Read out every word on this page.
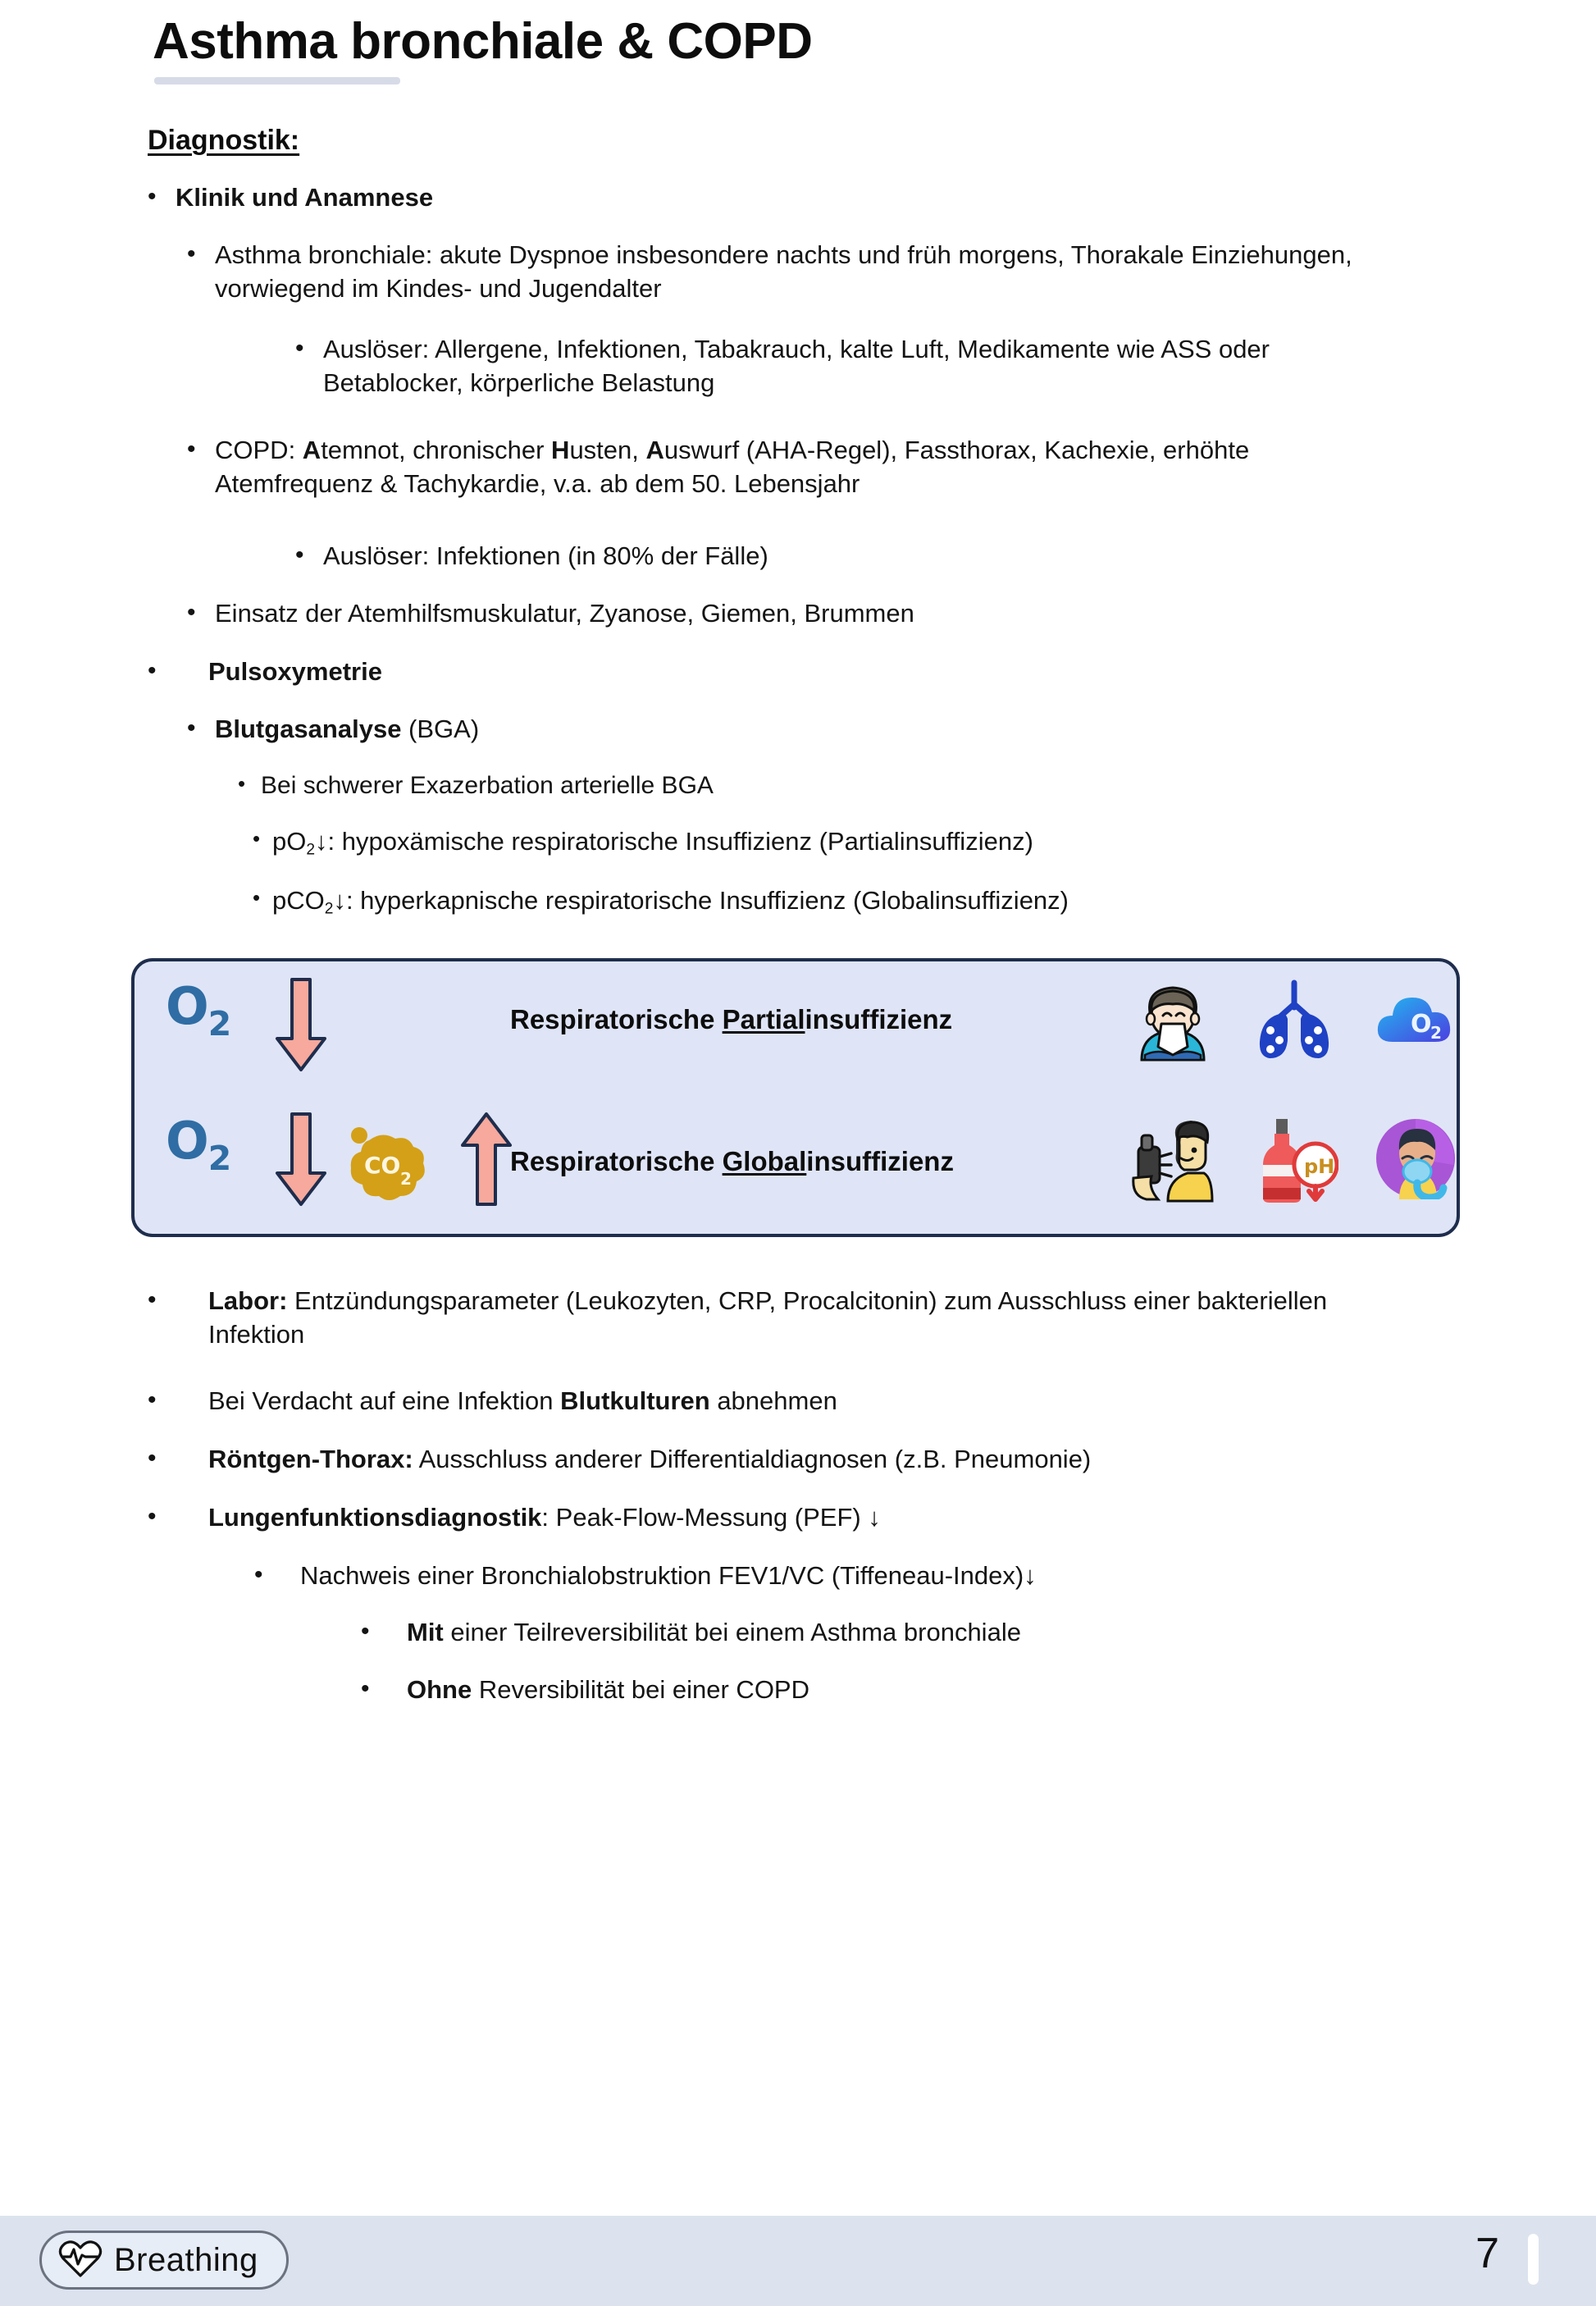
Asthma bronchiale & COPD
Diagnostik:
• Klinik und Anamnese
• Asthma bronchiale: akute Dyspnoe insbesondere nachts und früh morgens, Thorakale Einziehungen, vorwiegend im Kindes- und Jugendalter
• Auslöser: Allergene, Infektionen, Tabakrauch, kalte Luft, Medikamente wie ASS oder Betablocker, körperliche Belastung
• COPD: Atemnot, chronischer Husten, Auswurf (AHA-Regel), Fassthorax, Kachexie, erhöhte Atemfrequenz & Tachykardie, v.a. ab dem 50. Lebensjahr
• Auslöser: Infektionen (in 80% der Fälle)
• Einsatz der Atemhilfsmuskulatur, Zyanose, Giemen, Brummen
•	Pulsoxymetrie
• Blutgasanalyse (BGA)
• Bei schwerer Exazerbation arterielle BGA
• $pO_2↓$: hypoxämische respiratorische Insuffizienz (Partialinsuffizienz)
• pCO$_2$↓: hyperkapnische respiratorische Insuffizienz (Globalinsuffizienz)
•	Labor: Entzündungsparameter (Leukozyten, CRP, Procalcitonin) zum Ausschluss einer bakteriellen Infektion
•	Bei Verdacht auf eine Infektion Blutkulturen abnehmen
•	Röntgen-Thorax: Ausschluss anderer Differentialdiagnosen (z.B. Pneumonie)
•	Lungenfunktionsdiagnostik: Peak-Flow-Messung (PEF) ↓
•	Nachweis einer Bronchialobstruktion FEV1/VC (Tiffeneau-Index)↓
•	Mit einer Teilreversibilität bei einem Asthma bronchiale
•	Ohne Reversibilität bei einer COPD
$O_2$	Respiratorische Partialinsuffizienz	O
2
$O_2$	CO 2
Respiratorische Globalinsuffizienz	pH
Breathing	7
